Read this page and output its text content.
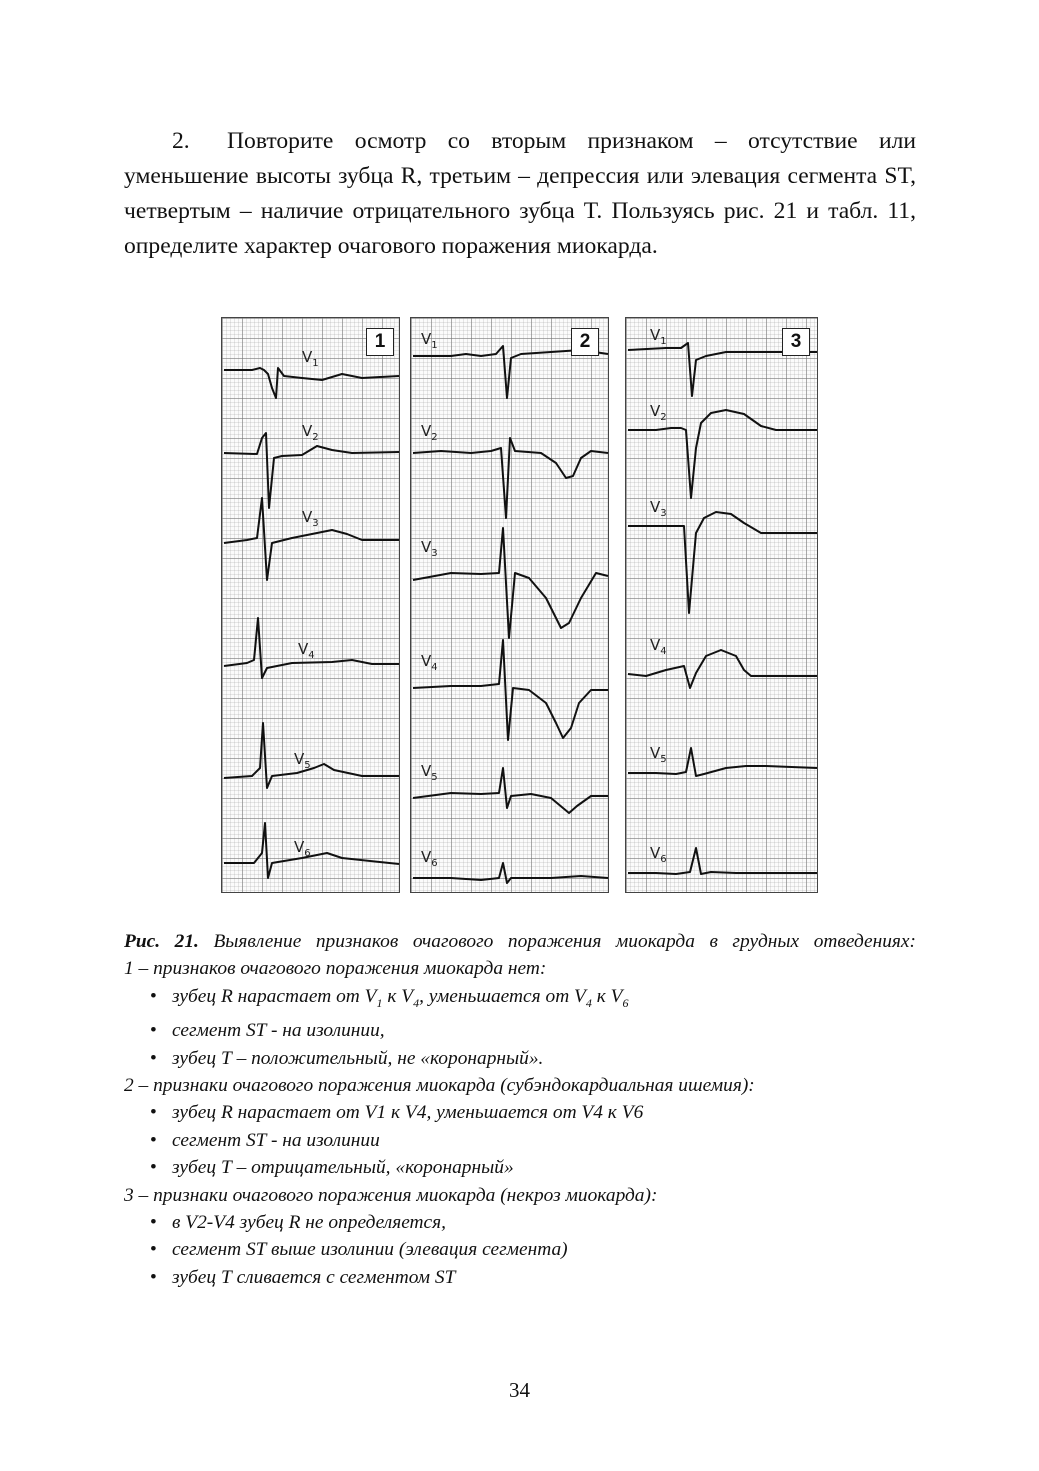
2. Повторите осмотр со вторым признаком – отсутствие или уменьшение высоты зубца R, третьим – депрессия или элевация сегмента ST, четвертым – наличие отрицательного зубца T. Пользуясь рис. 21 и табл. 11, определите характер очагового поражения миокарда.
1
$V_1$
$V_2$
$V_3$
$V_4$
$V_5$
$V_6$
2
$V_1$
$V_2$
$V_3$
$V_4$
$V_5$
$V_6$
3
$V_1$
$V_2$
$V_3$
$V_4$
$V_5$
$V_6$
Рис. 21. Выявление признаков очагового поражения миокарда в грудных отведениях:
1 – признаков очагового поражения миокарда нет:
• зубец R нарастает от $V_1$ к $V_4$, уменьшается от $V_4$ к $V_6$
• сегмент ST - на изолинии,
• зубец Т – положительный, не «коронарный».
2 – признаки очагового поражения миокарда (субэндокардиальная ишемия):
• зубец R нарастает от V1 к V4, уменьшается от V4 к V6
• сегмент ST - на изолинии
• зубец Т – отрицательный, «коронарный»
3 – признаки очагового поражения миокарда (некроз миокарда):
• в V2-V4 зубец R не определяется,
• сегмент ST выше изолинии (элевация сегмента)
• зубец Т сливается с сегментом ST
34
